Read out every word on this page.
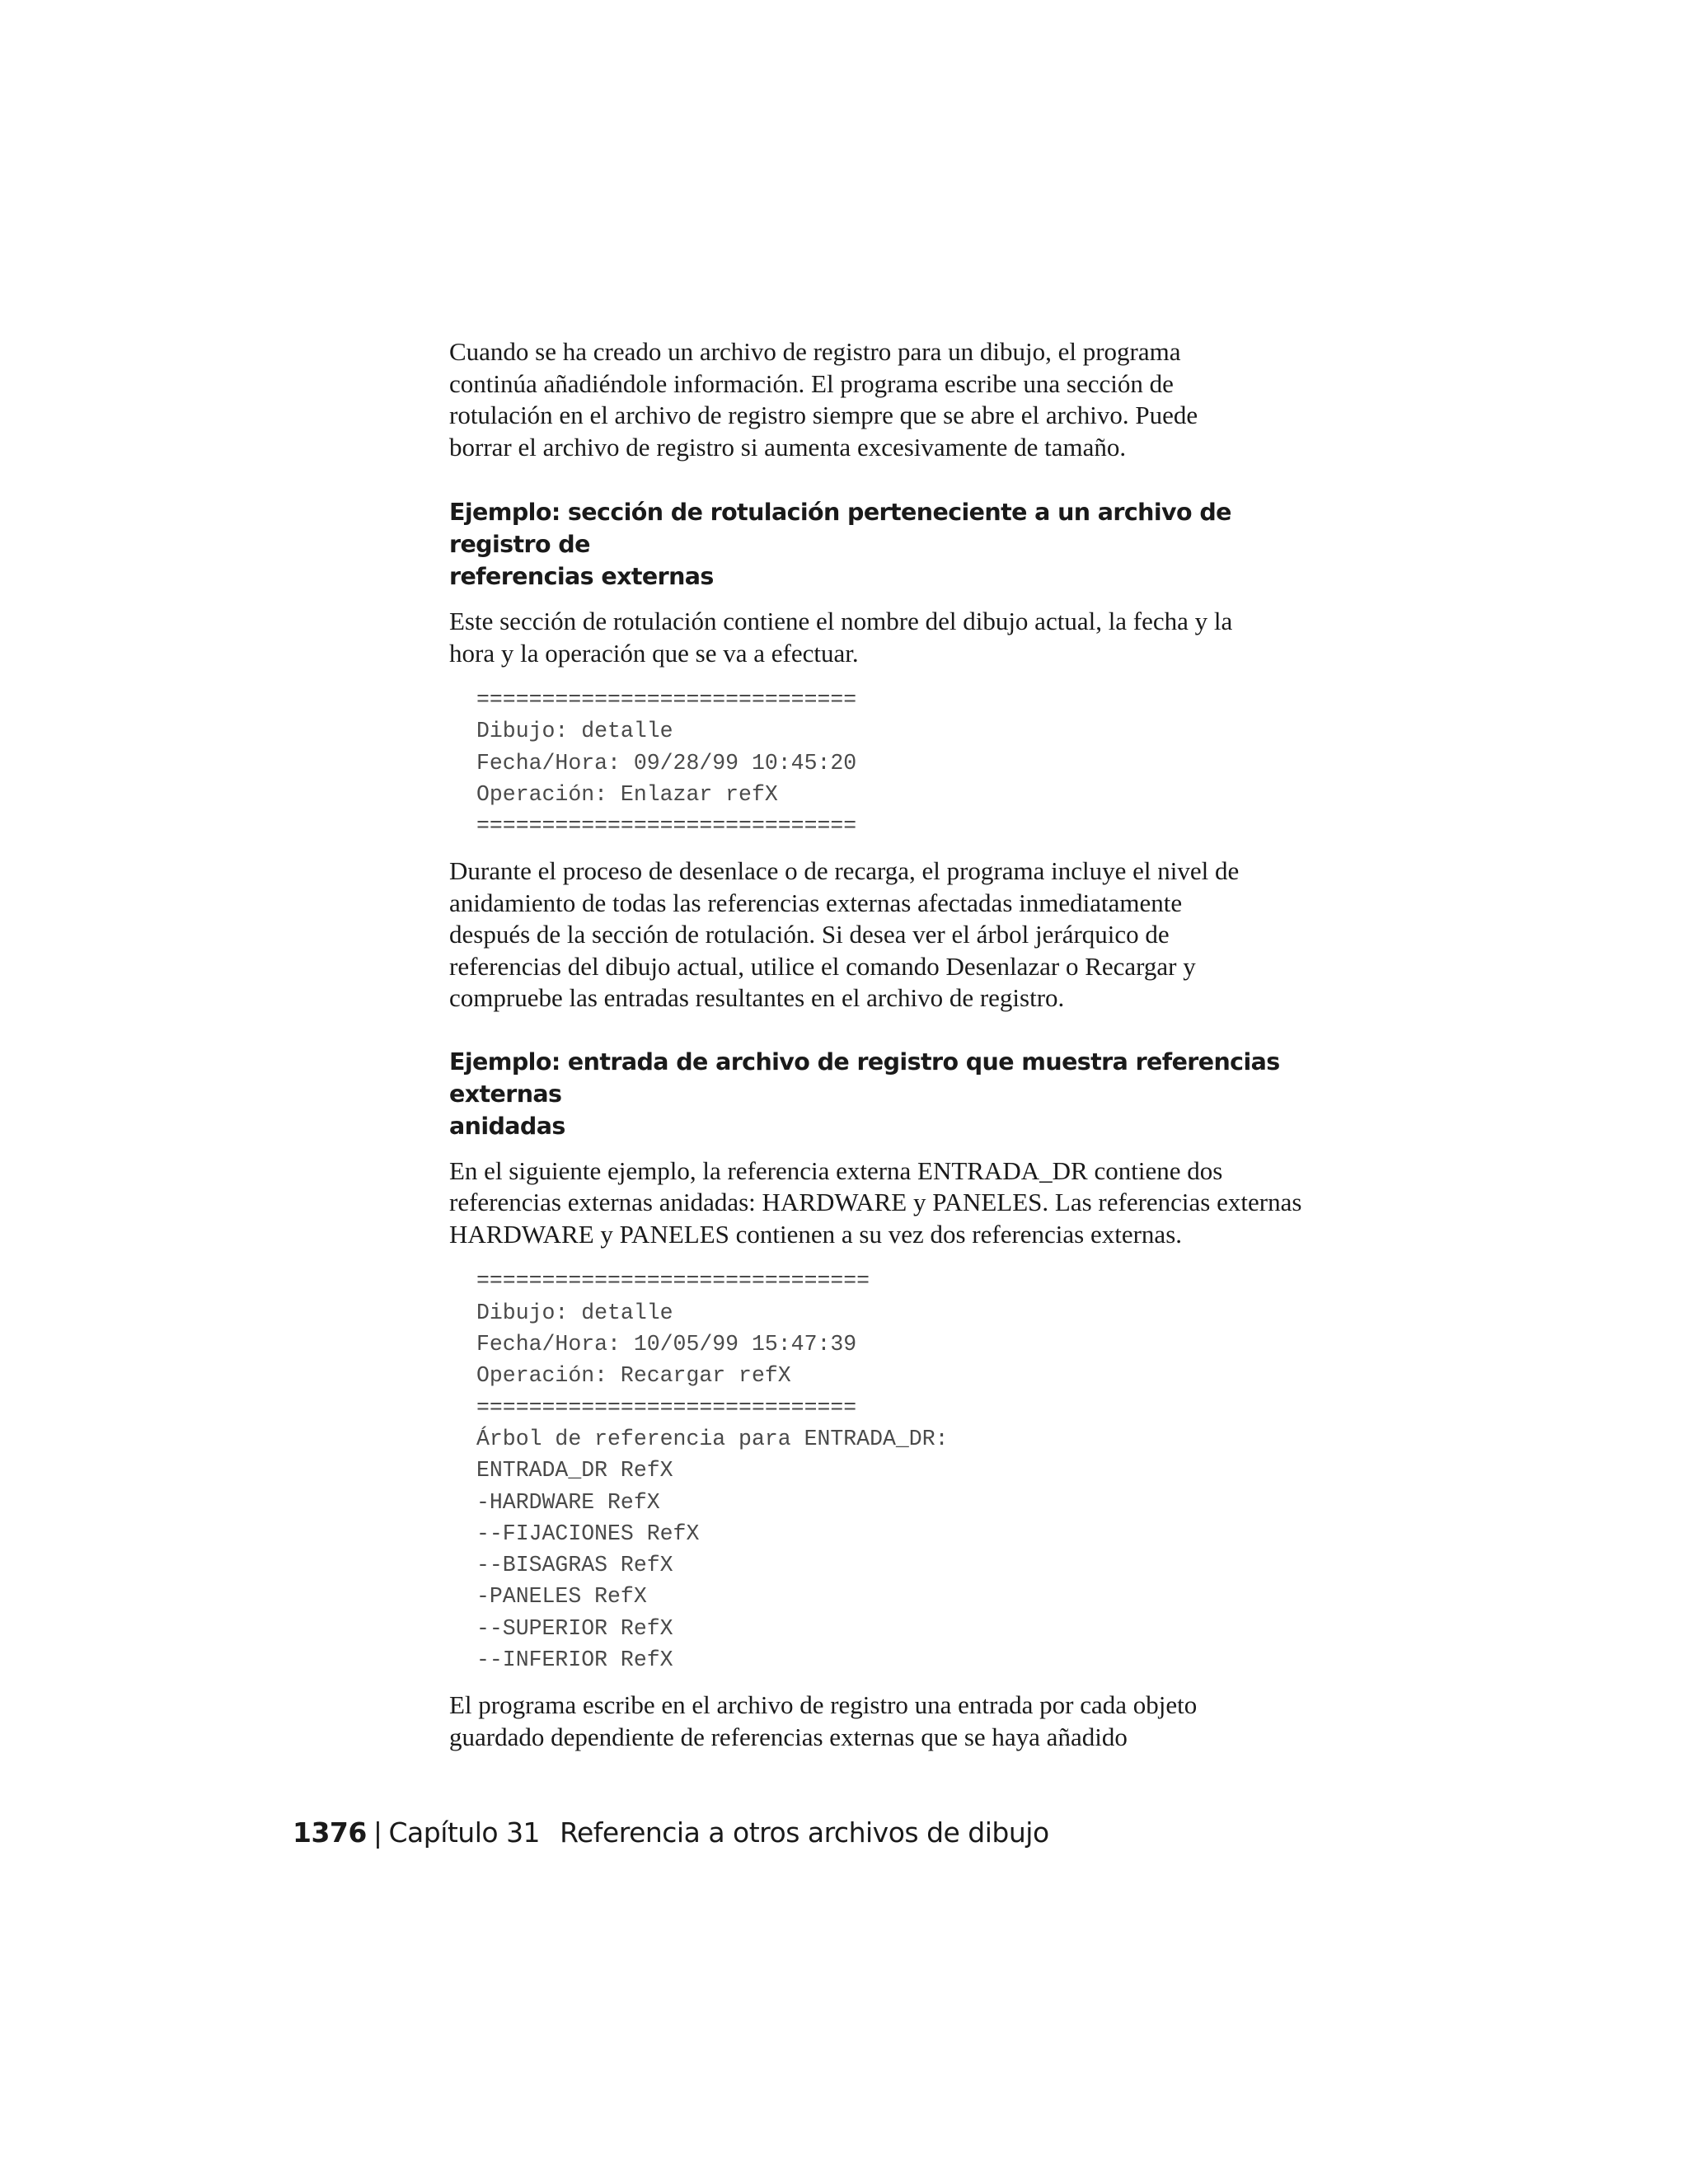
Cuando se ha creado un archivo de registro para un dibujo, el programa
continúa añadiéndole información. El programa escribe una sección de
rotulación en el archivo de registro siempre que se abre el archivo. Puede
borrar el archivo de registro si aumenta excesivamente de tamaño.

Ejemplo: sección de rotulación perteneciente a un archivo de registro de
referencias externas

Este sección de rotulación contiene el nombre del dibujo actual, la fecha y la
hora y la operación que se va a efectuar.

=============================
Dibujo: detalle
Fecha/Hora: 09/28/99 10:45:20
Operación: Enlazar refX
=============================

Durante el proceso de desenlace o de recarga, el programa incluye el nivel de
anidamiento de todas las referencias externas afectadas inmediatamente
después de la sección de rotulación. Si desea ver el árbol jerárquico de
referencias del dibujo actual, utilice el comando Desenlazar o Recargar y
compruebe las entradas resultantes en el archivo de registro.

Ejemplo: entrada de archivo de registro que muestra referencias externas
anidadas

En el siguiente ejemplo, la referencia externa ENTRADA_DR contiene dos
referencias externas anidadas: HARDWARE y PANELES. Las referencias externas
HARDWARE y PANELES contienen a su vez dos referencias externas.

==============================
Dibujo: detalle
Fecha/Hora: 10/05/99 15:47:39
Operación: Recargar refX
=============================
Árbol de referencia para ENTRADA_DR:
ENTRADA_DR RefX
-HARDWARE RefX
--FIJACIONES RefX
--BISAGRAS RefX
-PANELES RefX
--SUPERIOR RefX
--INFERIOR RefX

El programa escribe en el archivo de registro una entrada por cada objeto
guardado dependiente de referencias externas que se haya añadido

1376 | Capítulo 31 Referencia a otros archivos de dibujo
